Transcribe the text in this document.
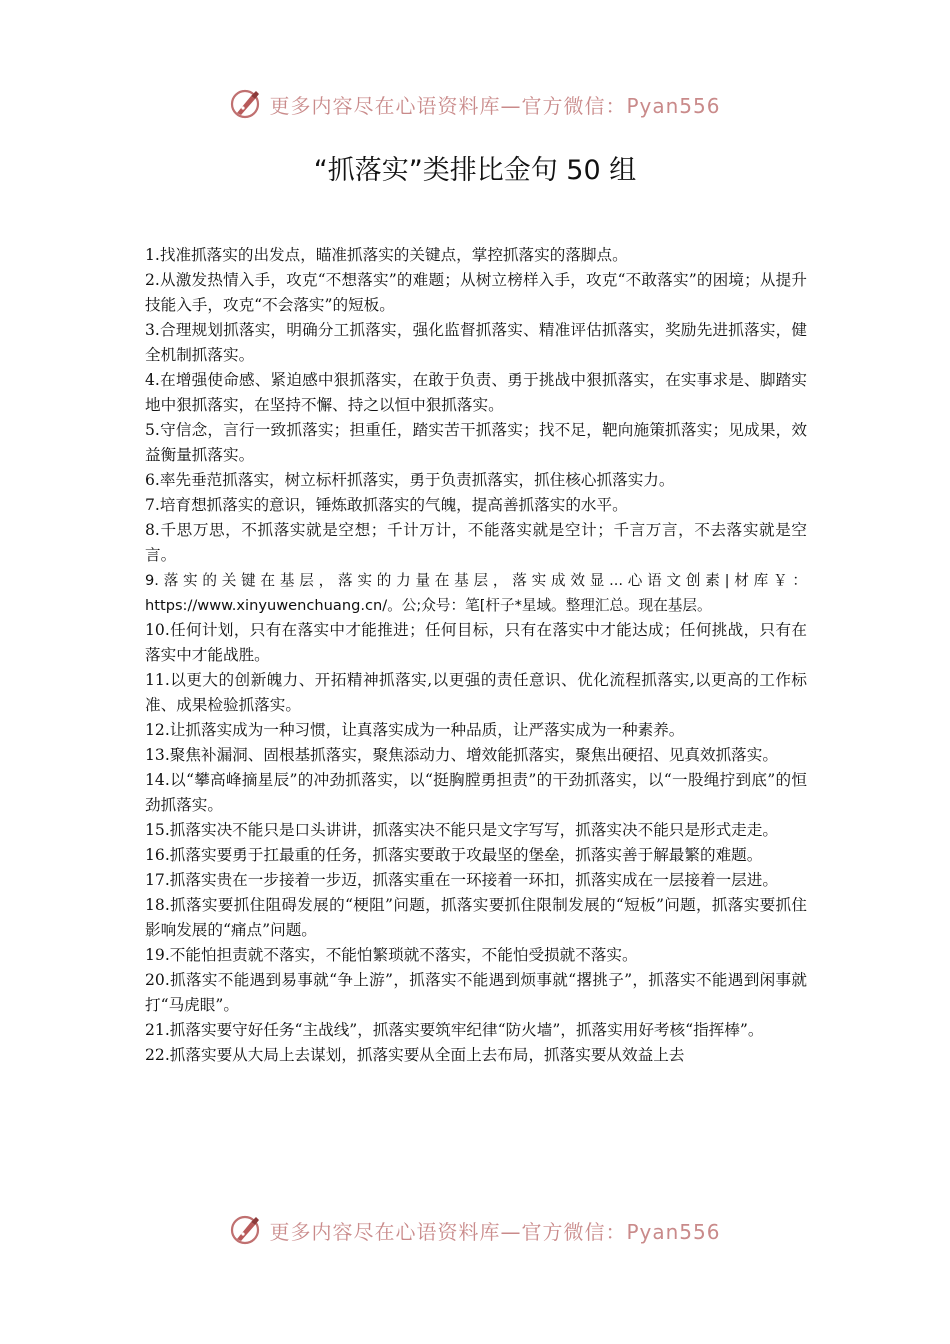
更多内容尽在心语资料库—官方微信：Pyan556
“抓落实”类排比金句 50 组

1.找准抓落实的出发点，瞄准抓落实的关键点，掌控抓落实的落脚点。

2.从激发热情入手，攻克“不想落实”的难题；从树立榜样入手，攻克“不敢落实”的困境；从提升技能入手，攻克“不会落实”的短板。

3.合理规划抓落实，明确分工抓落实，强化监督抓落实、精准评估抓落实，奖励先进抓落实，健全机制抓落实。

4.在增强使命感、紧迫感中狠抓落实，在敢于负责、勇于挑战中狠抓落实，在实事求是、脚踏实地中狠抓落实，在坚持不懈、持之以恒中狠抓落实。

5.守信念，言行一致抓落实；担重任，踏实苦干抓落实；找不足，靶向施策抓落实；见成果，效益衡量抓落实。

6.率先垂范抓落实，树立标杆抓落实，勇于负责抓落实，抓住核心抓落实力。

7.培育想抓落实的意识，锤炼敢抓落实的气魄，提高善抓落实的水平。

8.千思万思，不抓落实就是空想；千计万计，不能落实就是空计；千言万言，不去落实就是空言。

9.落实的关键在基层，落实的力量在基层，落实成效显...心语文创素|材库￥：https://www.xinyuwenchuang.cn/。公;众号：笔[杆子*星域。整理汇总。现在基层。

10.任何计划，只有在落实中才能推进；任何目标，只有在落实中才能达成；任何挑战，只有在落实中才能战胜。

11.以更大的创新魄力、开拓精神抓落实,以更强的责任意识、优化流程抓落实,以更高的工作标准、成果检验抓落实。

12.让抓落实成为一种习惯，让真落实成为一种品质，让严落实成为一种素养。

13.聚焦补漏洞、固根基抓落实，聚焦添动力、增效能抓落实，聚焦出硬招、见真效抓落实。

14.以“攀高峰摘星辰”的冲劲抓落实，以“挺胸膛勇担责”的干劲抓落实，以“一股绳拧到底”的恒劲抓落实。

15.抓落实决不能只是口头讲讲，抓落实决不能只是文字写写，抓落实决不能只是形式走走。

16.抓落实要勇于扛最重的任务，抓落实要敢于攻最坚的堡垒，抓落实善于解最繁的难题。

17.抓落实贵在一步接着一步迈，抓落实重在一环接着一环扣，抓落实成在一层接着一层进。

18.抓落实要抓住阻碍发展的“梗阻”问题，抓落实要抓住限制发展的“短板”问题，抓落实要抓住影响发展的“痛点”问题。

19.不能怕担责就不落实，不能怕繁琐就不落实，不能怕受损就不落实。

20.抓落实不能遇到易事就“争上游”，抓落实不能遇到烦事就“撂挑子”，抓落实不能遇到闲事就打“马虎眼”。

21.抓落实要守好任务“主战线”，抓落实要筑牢纪律“防火墙”，抓落实用好考核“指挥棒”。

22.抓落实要从大局上去谋划，抓落实要从全面上去布局，抓落实要从效益上去

更多内容尽在心语资料库—官方微信：Pyan556
